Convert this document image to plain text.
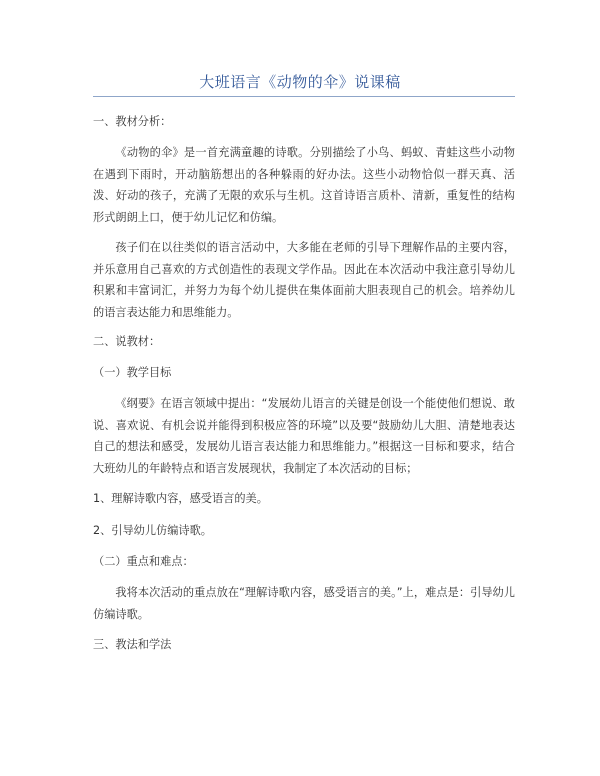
大班语言《动物的伞》说课稿
一、教材分析：
《动物的伞》是一首充满童趣的诗歌。分别描绘了小鸟、蚂蚁、青蛙这些小动物在遇到下雨时，开动脑筋想出的各种躲雨的好办法。这些小动物恰似一群天真、活泼、好动的孩子，充满了无限的欢乐与生机。这首诗语言质朴、清新，重复性的结构形式朗朗上口，便于幼儿记忆和仿编。
孩子们在以往类似的语言活动中，大多能在老师的引导下理解作品的主要内容，并乐意用自己喜欢的方式创造性的表现文学作品。因此在本次活动中我注意引导幼儿积累和丰富词汇，并努力为每个幼儿提供在集体面前大胆表现自己的机会。培养幼儿的语言表达能力和思维能力。
二、说教材：
（一）教学目标
《纲要》在语言领域中提出：“发展幼儿语言的关键是创设一个能使他们想说、敢说、喜欢说、有机会说并能得到积极应答的环境”以及要“鼓励幼儿大胆、清楚地表达自己的想法和感受，发展幼儿语言表达能力和思维能力。”根据这一目标和要求，结合大班幼儿的年龄特点和语言发展现状，我制定了本次活动的目标；
1、理解诗歌内容，感受语言的美。
2、引导幼儿仿编诗歌。
（二）重点和难点：
我将本次活动的重点放在“理解诗歌内容，感受语言的美。”上，难点是：引导幼儿仿编诗歌。
三、教法和学法
